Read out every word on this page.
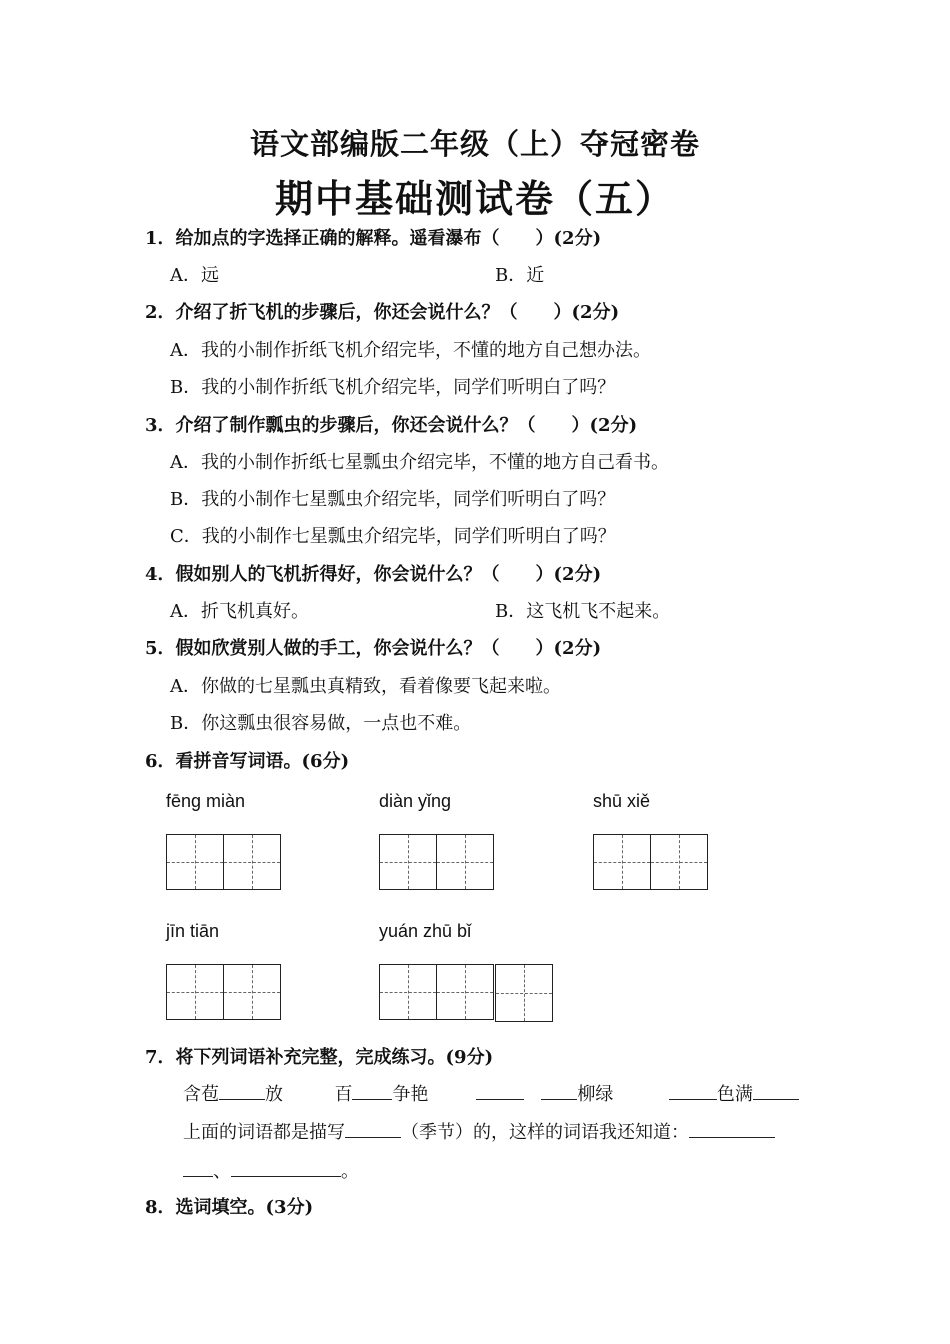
语文部编版二年级（上）夺冠密卷
期中基础测试卷（五）
1．给加点的字选择正确的解释。遥看瀑布（　　）(2分)
A．远	B．近
2．介绍了折飞机的步骤后，你还会说什么？（　　）(2分)
A．我的小制作折纸飞机介绍完毕，不懂的地方自己想办法。
B．我的小制作折纸飞机介绍完毕，同学们听明白了吗？
3．介绍了制作瓢虫的步骤后，你还会说什么？（　　）(2分)
A．我的小制作折纸七星瓢虫介绍完毕，不懂的地方自己看书。
B．我的小制作七星瓢虫介绍完毕，同学们听明白了吗？
C．我的小制作七星瓢虫介绍完毕，同学们听明白了吗？
4．假如别人的飞机折得好，你会说什么？（　　）(2分)
A．折飞机真好。	B．这飞机飞不起来。
5．假如欣赏别人做的手工，你会说什么？（　　）(2分)
A．你做的七星瓢虫真精致，看着像要飞起来啦。
B．你这瓢虫很容易做，一点也不难。
6．看拼音写词语。(6分)
fēng miàn	diàn yǐng	shū xiě
jīn tiān	yuán zhū bǐ
7．将下列词语补充完整，完成练习。(9分)
含苞	放	百 争艳	柳绿	色满
上面的词语都是描写	（季节）的，这样的词语我还知道：
、	。
8．选词填空。(3分)
